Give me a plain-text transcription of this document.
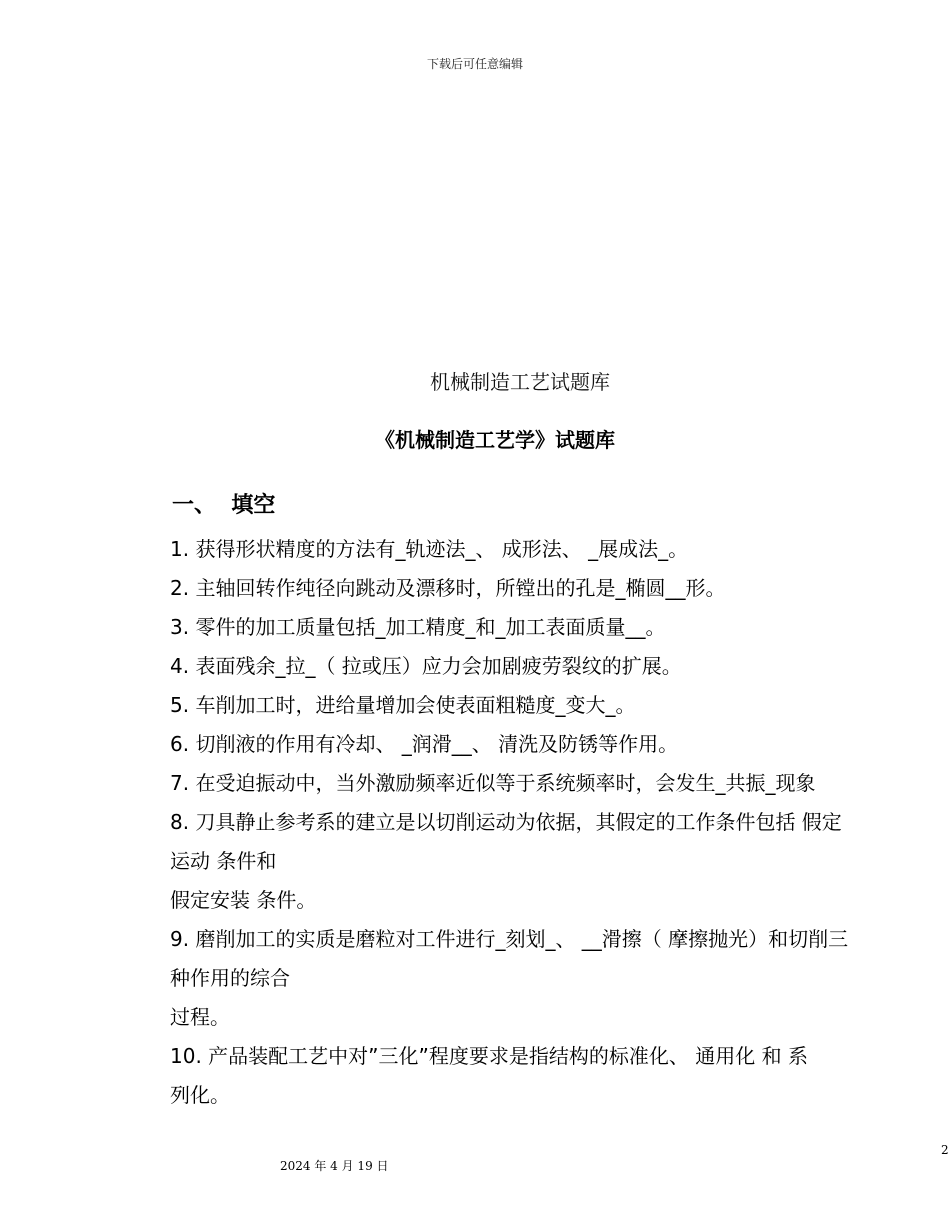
下载后可任意编辑
机械制造工艺试题库
《机械制造工艺学》试题库
一、  填空
1. 获得形状精度的方法有_轨迹法_、 成形法、 _展成法_。
2. 主轴回转作纯径向跳动及漂移时，所镗出的孔是_椭圆__形。
3. 零件的加工质量包括_加工精度_和_加工表面质量__。
4. 表面残余_拉_（ 拉或压）应力会加剧疲劳裂纹的扩展。
5. 车削加工时，进给量增加会使表面粗糙度_变大_。
6. 切削液的作用有冷却、 _润滑__、 清洗及防锈等作用。
7. 在受迫振动中，当外激励频率近似等于系统频率时，会发生_共振_现象
8. 刀具静止参考系的建立是以切削运动为依据，其假定的工作条件包括 假定
运动 条件和
假定安装 条件。
9. 磨削加工的实质是磨粒对工件进行_刻划_、 __滑擦（ 摩擦抛光）和切削三
种作用的综合
过程。
10. 产品装配工艺中对”三化”程度要求是指结构的标准化、 通用化 和 系
列化。
2
2024 年 4 月 19 日
